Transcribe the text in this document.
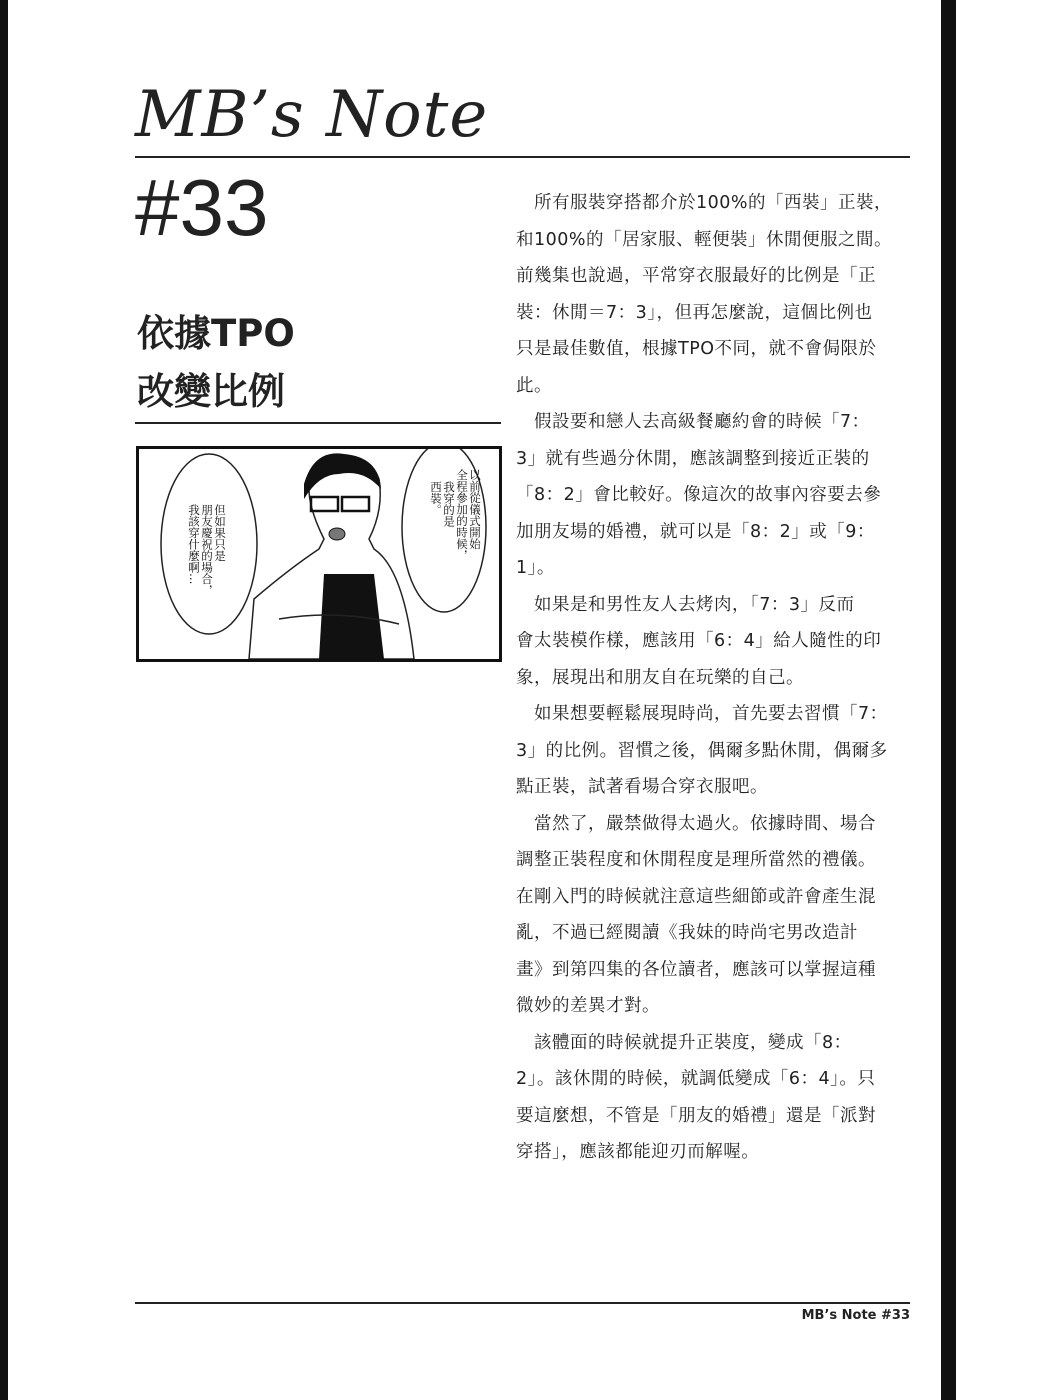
MB’s Note
#33
依據TPO
改變比例
以前從儀式開始
全程參加的時候，
我穿的是
西裝。
但如果只是
朋友慶祝的場合，
我該穿什麼啊…
　所有服裝穿搭都介於100%的「西裝」正裝，
和100%的「居家服、輕便裝」休閒便服之間。
前幾集也說過，平常穿衣服最好的比例是「正
裝：休閒＝7：3」，但再怎麼說，這個比例也
只是最佳數值，根據TPO不同，就不會侷限於
此。
　假設要和戀人去高級餐廳約會的時候「7：
3」就有些過分休閒，應該調整到接近正裝的
「8：2」會比較好。像這次的故事內容要去參
加朋友場的婚禮，就可以是「8：2」或「9：
1」。
　如果是和男性友人去烤肉，「7：3」反而
會太裝模作樣，應該用「6：4」給人隨性的印
象，展現出和朋友自在玩樂的自己。
　如果想要輕鬆展現時尚，首先要去習慣「7：
3」的比例。習慣之後，偶爾多點休閒，偶爾多
點正裝，試著看場合穿衣服吧。
　當然了，嚴禁做得太過火。依據時間、場合
調整正裝程度和休閒程度是理所當然的禮儀。
在剛入門的時候就注意這些細節或許會產生混
亂，不過已經閱讀《我妹的時尚宅男改造計
畫》到第四集的各位讀者，應該可以掌握這種
微妙的差異才對。
　該體面的時候就提升正裝度，變成「8：
2」。該休閒的時候，就調低變成「6：4」。只
要這麼想，不管是「朋友的婚禮」還是「派對
穿搭」，應該都能迎刃而解喔。
MB’s Note #33
